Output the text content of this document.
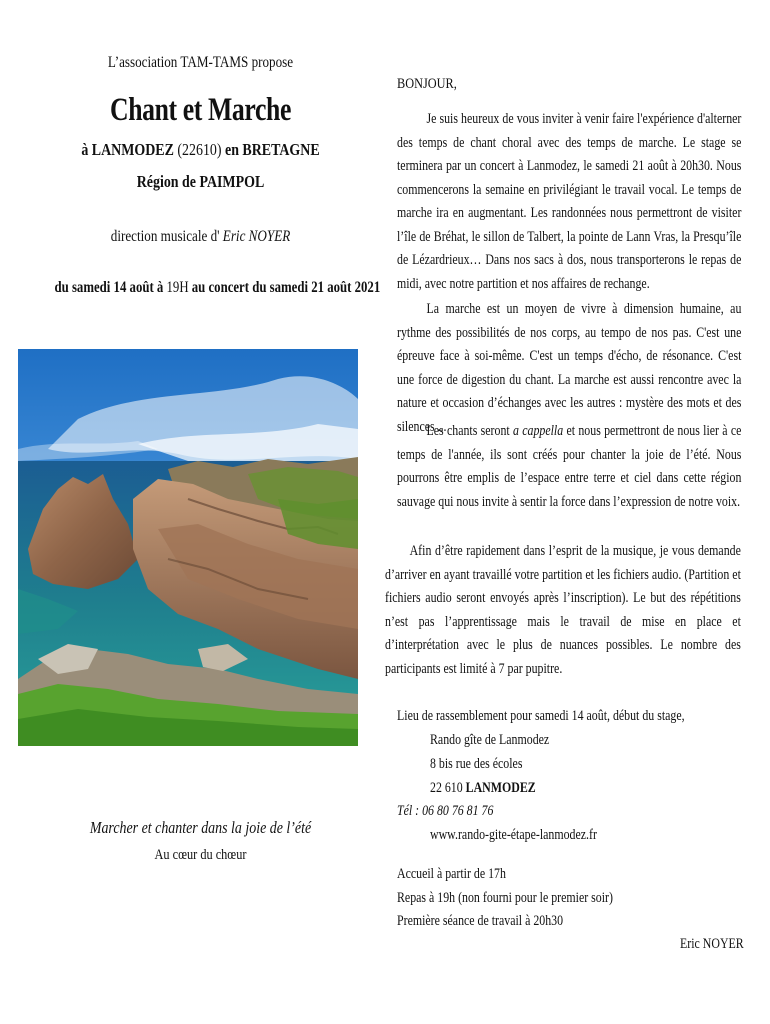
L’association TAM-TAMS propose
Chant et Marche
à LANMODEZ (22610) en BRETAGNE
Région de PAIMPOL
direction musicale d' Eric NOYER
du samedi 14 août à 19H au concert du samedi 21 août 2021
Marcher et chanter dans la joie de l’été
Au cœur du chœur
BONJOUR,
Je suis heureux de vous inviter à venir faire l'expérience d'alterner des temps de chant choral avec des temps de marche. Le stage se terminera par un concert à Lanmodez, le samedi 21 août à 20h30. Nous commencerons la semaine en privilégiant le travail vocal. Le temps de marche ira en augmentant. Les randonnées nous permettront de visiter l’île de Bréhat, le sillon de Talbert, la pointe de Lann Vras, la Presqu’île de Lézardrieux… Dans nos sacs à dos, nous transporterons le repas de midi, avec notre partition et nos affaires de rechange.
La marche est un moyen de vivre à dimension humaine, au rythme des possibilités de nos corps, au tempo de nos pas. C'est une épreuve face à soi-même. C'est un temps d'écho, de résonance. C'est une force de digestion du chant. La marche est aussi rencontre avec la nature et occasion d’échanges avec les autres : mystère des mots et des silences ...
Les chants seront a cappella et nous permettront de nous lier à ce temps de l'année, ils sont créés pour chanter la joie de l’été. Nous pourrons être emplis de l’espace entre terre et ciel dans cette région sauvage qui nous invite à sentir la force dans l’expression de notre voix.
Afin d’être rapidement dans l’esprit de la musique, je vous demande d’arriver en ayant travaillé votre partition et les fichiers audio. (Partition et fichiers audio seront envoyés après l’inscription). Le but des répétitions n’est pas l’apprentissage mais le travail de mise en place et d’interprétation avec le plus de nuances possibles. Le nombre des participants est limité à 7 par pupitre.
Lieu de rassemblement pour samedi 14 août, début du stage,
Rando gîte de Lanmodez
8 bis rue des écoles
22 610 LANMODEZ
Tél : 06 80 76 81 76
www.rando-gite-étape-lanmodez.fr
Accueil à partir de 17h
Repas à 19h (non fourni pour le premier soir)
Première séance de travail à 20h30
Eric NOYER
